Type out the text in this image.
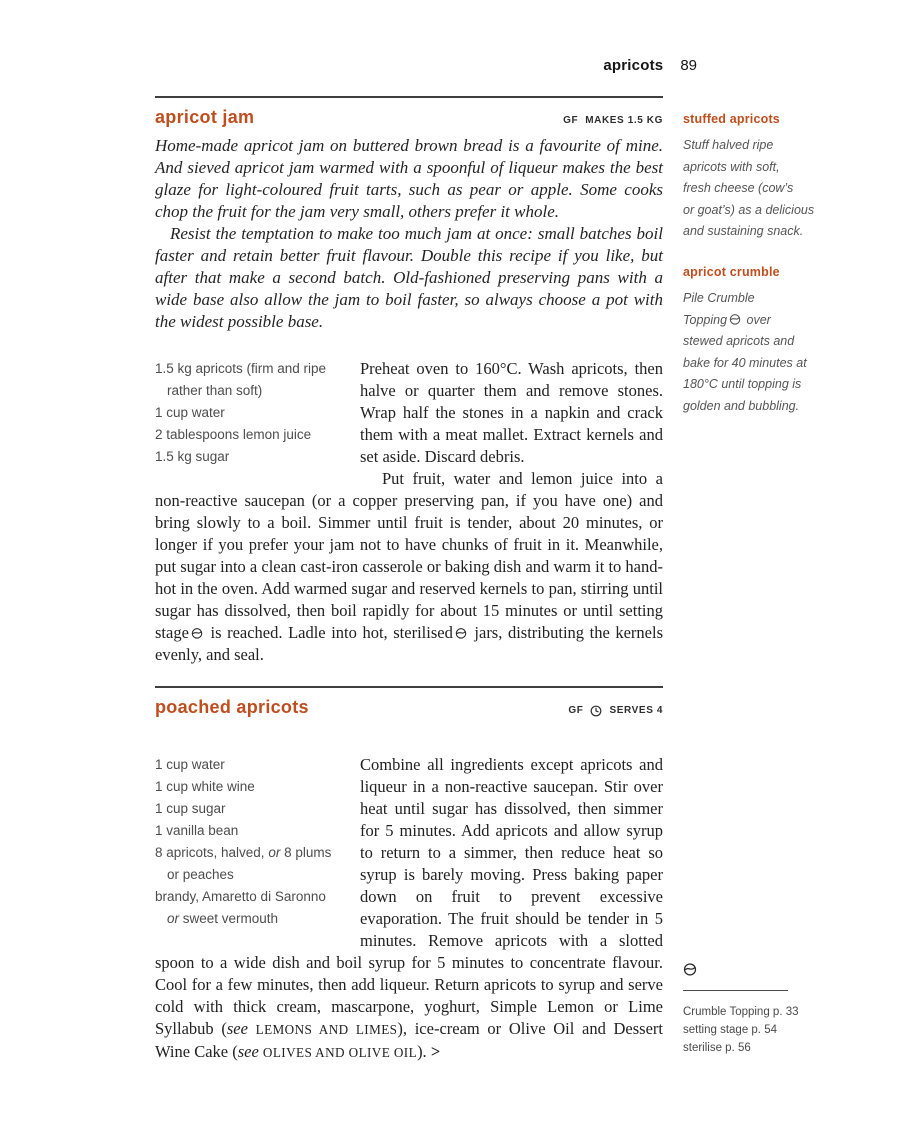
apricots 89
apricot jam	GF MAKES 1.5 KG

Home-made apricot jam on buttered brown bread is a favourite of mine. And sieved apricot jam warmed with a spoonful of liqueur makes the best glaze for light-coloured fruit tarts, such as pear or apple. Some cooks chop the fruit for the jam very small, others prefer it whole.

Resist the temptation to make too much jam at once: small batches boil faster and retain better fruit flavour. Double this recipe if you like, but after that make a second batch. Old-fashioned preserving pans with a wide base also allow the jam to boil faster, so always choose a pot with the widest possible base.

1.5 kg apricots (firm and ripe
rather than soft)
1 cup water
2 tablespoons lemon juice
1.5 kg sugar

Preheat oven to 160°C. Wash apricots, then halve or quarter them and remove stones. Wrap half the stones in a napkin and crack them with a meat mallet. Extract kernels and set aside. Discard debris.

Put fruit, water and lemon juice into a non-reactive saucepan (or a copper preserving pan, if you have one) and bring slowly to a boil. Simmer until fruit is tender, about 20 minutes, or longer if you prefer your jam not to have chunks of fruit in it. Meanwhile, put sugar into a clean cast-iron casserole or baking dish and warm it to hand-hot in the oven. Add warmed sugar and reserved kernels to pan, stirring until sugar has dissolved, then boil rapidly for about 15 minutes or until setting stage is reached. Ladle into hot, sterilised jars, distributing the kernels evenly, and seal.

poached apricots	GF	SERVES 4
1 cup water
1 cup white wine
1 cup sugar
1 vanilla bean
8 apricots, halved, or 8 plums
or peaches
brandy, Amaretto di Saronno
or sweet vermouth

Combine all ingredients except apricots and liqueur in a non-reactive saucepan. Stir over heat until sugar has dissolved, then simmer for 5 minutes. Add apricots and allow syrup to return to a simmer, then reduce heat so syrup is barely moving. Press baking paper down on fruit to prevent excessive evaporation. The fruit should be tender in 5 minutes. Remove apricots with a slotted spoon to a wide dish and boil syrup for 5 minutes to concentrate flavour. Cool for a few minutes, then add liqueur. Return apricots to syrup and serve cold with thick cream, mascarpone, yoghurt, Simple Lemon or Lime Syllabub (see LEMONS AND LIMES), ice-cream or Olive Oil and Dessert Wine Cake (see OLIVES AND OLIVE OIL). >

stuffed apricots
Stuff halved ripe
apricots with soft,
fresh cheese (cow’s
or goat’s) as a delicious
and sustaining snack.
apricot crumble
Pile Crumble
Topping over
stewed apricots and
bake for 40 minutes at
180°C until topping is
golden and bubbling.
Crumble Topping p. 33
setting stage p. 54
sterilise p. 56
